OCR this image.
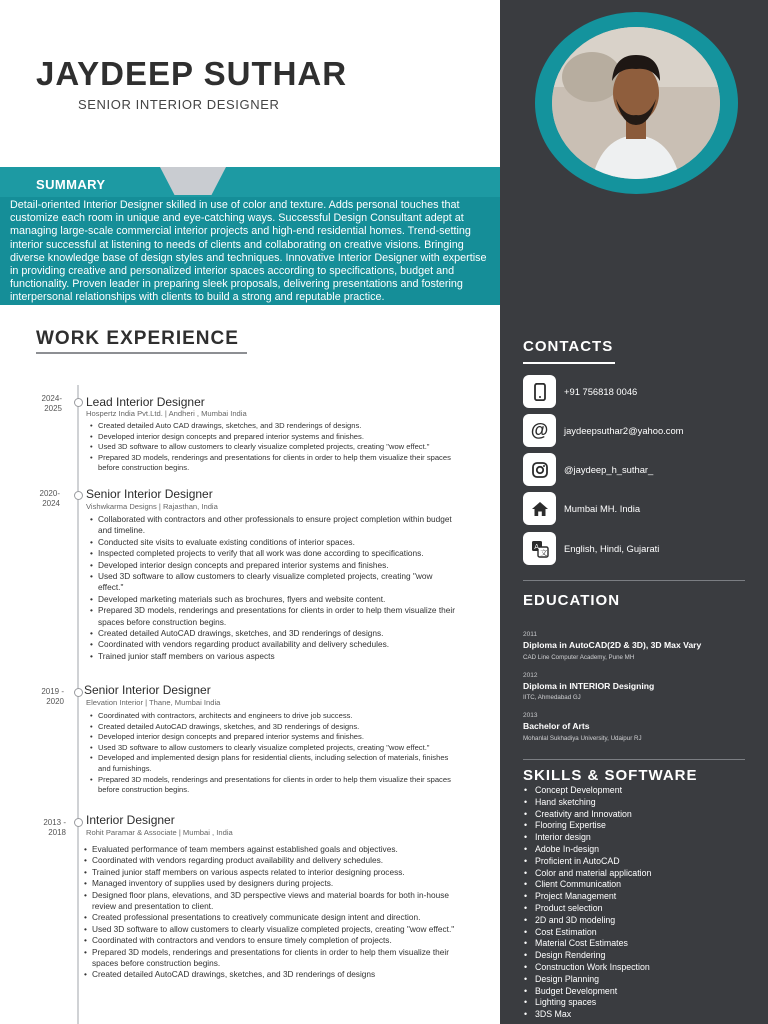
JAYDEEP SUTHAR
SENIOR INTERIOR DESIGNER
SUMMARY
Detail-oriented Interior Designer skilled in use of color and texture. Adds personal touches that customize each room in unique and eye-catching ways. Successful Design Consultant adept at managing large-scale commercial interior projects and high-end residential homes. Trend-setting interior successful at listening to needs of clients and collaborating on creative visions. Bringing diverse knowledge base of design styles and techniques. Innovative Interior Designer with expertise in providing creative and personalized interior spaces according to specifications, budget and functionality. Proven leader in preparing sleek proposals, delivering presentations and fostering interpersonal relationships with clients to build a strong and reputable practice.
WORK EXPERIENCE
2024-
2025 Lead Interior Designer
Hospertz India Pvt.Ltd. | Andheri , Mumbai India
• Created detailed Auto CAD drawings, sketches, and 3D renderings of designs.
• Developed interior design concepts and prepared interior systems and finishes.
• Used 3D software to allow customers to clearly visualize completed projects, creating "wow effect."
• Prepared 3D models, renderings and presentations for clients in order to help them visualize their spaces before construction begins.
2020-
2024
Senior Interior Designer
Vishwkarma Designs | Rajasthan, India
• Collaborated with contractors and other professionals to ensure project completion within budget and timeline.
• Conducted site visits to evaluate existing conditions of interior spaces.
• Inspected completed projects to verify that all work was done according to specifications.
• Developed interior design concepts and prepared interior systems and finishes.
• Used 3D software to allow customers to clearly visualize completed projects, creating "wow effect."
• Developed marketing materials such as brochures, flyers and website content.
• Prepared 3D models, renderings and presentations for clients in order to help them visualize their spaces before construction begins.
• Created detailed AutoCAD drawings, sketches, and 3D renderings of designs.
• Coordinated with vendors regarding product availability and delivery schedules.
• Trained junior staff members on various aspects
2019 -
2020
Senior Interior Designer
Elevation Interior | Thane, Mumbai India
• Coordinated with contractors, architects and engineers to drive job success.
• Created detailed AutoCAD drawings, sketches, and 3D renderings of designs.
• Developed interior design concepts and prepared interior systems and finishes.
• Used 3D software to allow customers to clearly visualize completed projects, creating "wow effect."
• Developed and implemented design plans for residential clients, including selection of materials, finishes and furnishings.
• Prepared 3D models, renderings and presentations for clients in order to help them visualize their spaces before construction begins.
2013 -
2018
Interior Designer
Rohit Paramar & Associate | Mumbai , India
• Evaluated performance of team members against established goals and objectives.
• Coordinated with vendors regarding product availability and delivery schedules.
• Trained junior staff members on various aspects related to interior designing process.
• Managed inventory of supplies used by designers during projects.
• Designed floor plans, elevations, and 3D perspective views and material boards for both in-house review and presentation to client.
• Created professional presentations to creatively communicate design intent and direction.
• Used 3D software to allow customers to clearly visualize completed projects, creating "wow effect."
• Coordinated with contractors and vendors to ensure timely completion of projects.
• Prepared 3D models, renderings and presentations for clients in order to help them visualize their spaces before construction begins.
• Created detailed AutoCAD drawings, sketches, and 3D renderings of designs
CONTACTS
+91 756818 0046
@ jaydeepsuthar2@yahoo.com
@jaydeep_h_suthar_
Mumbai MH. India
A
文 English, Hindi, Gujarati
EDUCATION
2011
Diploma in AutoCAD(2D & 3D), 3D Max Vary
CAD Line Computer Academy, Pune MH
2012
Diploma in INTERIOR Designing
IITC, Ahmedabad GJ
2013
Bachelor of Arts
Mohanlal Sukhadiya University, Udaipur RJ
SKILLS & SOFTWARE
• Concept Development
• Hand sketching
• Creativity and Innovation
• Flooring Expertise
• Interior design
• Adobe In-design
• Proficient in AutoCAD
• Color and material application
• Client Communication
• Project Management
• Product selection
• 2D and 3D modeling
• Cost Estimation
• Material Cost Estimates
• Design Rendering
• Construction Work Inspection
• Design Planning
• Budget Development
• Lighting spaces
• 3DS Max
